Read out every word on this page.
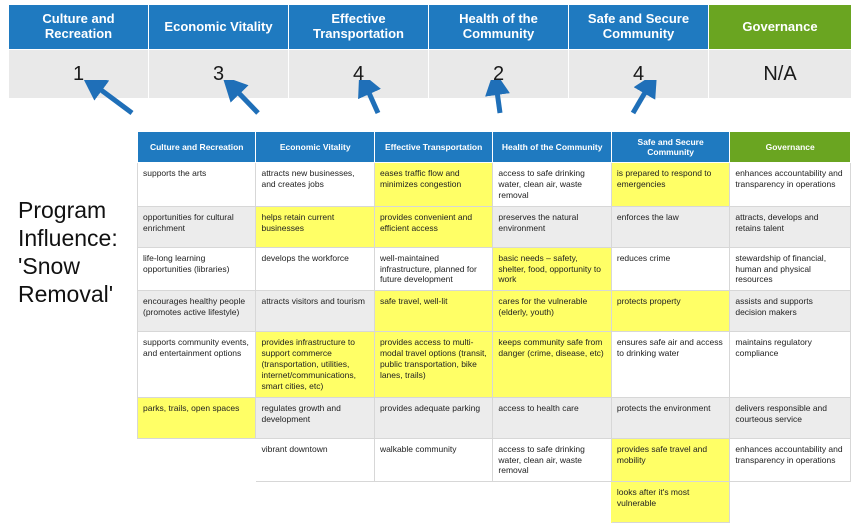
Culture and Recreation	Economic Vitality	Effective Transportation	Health of the Community	Safe and Secure Community	Governance
1	3	4	2	4	N/A
Program
Influence:
'Snow
Removal'
Culture and Recreation	Economic Vitality	Effective Transportation	Health of the Community	Safe and Secure Community	Governance
supports the arts	attracts new businesses, and creates jobs	eases traffic flow and minimizes congestion	access to safe drinking water, clean air, waste removal	is prepared to respond to emergencies	enhances accountability and transparency in operations
opportunities for cultural enrichment	helps retain current businesses	provides convenient and efficient access	preserves the natural environment	enforces the law	attracts, develops and retains talent
life-long learning opportunities (libraries)	develops the workforce	well-maintained infrastructure, planned for future development	basic needs – safety, shelter, food, opportunity to work	reduces crime	stewardship of financial, human and physical resources
encourages healthy people (promotes active lifestyle)	attracts visitors and tourism	safe travel, well-lit	cares for the vulnerable (elderly, youth)	protects property	assists and supports decision makers
supports community events, and entertainment options	provides infrastructure to support commerce (transportation, utilities, internet/communications, smart cities, etc)	provides access to multi-modal travel options (transit, public transportation, bike lanes, trails)	keeps community safe from danger (crime, disease, etc)	ensures safe air and access to drinking water	maintains regulatory compliance
parks, trails, open spaces	regulates growth and development	provides adequate parking	access to health care	protects the environment	delivers responsible and courteous service
	vibrant downtown	walkable community	access to safe drinking water, clean air, waste removal	provides safe travel and mobility	enhances accountability and transparency in operations
				looks after it's most vulnerable	
